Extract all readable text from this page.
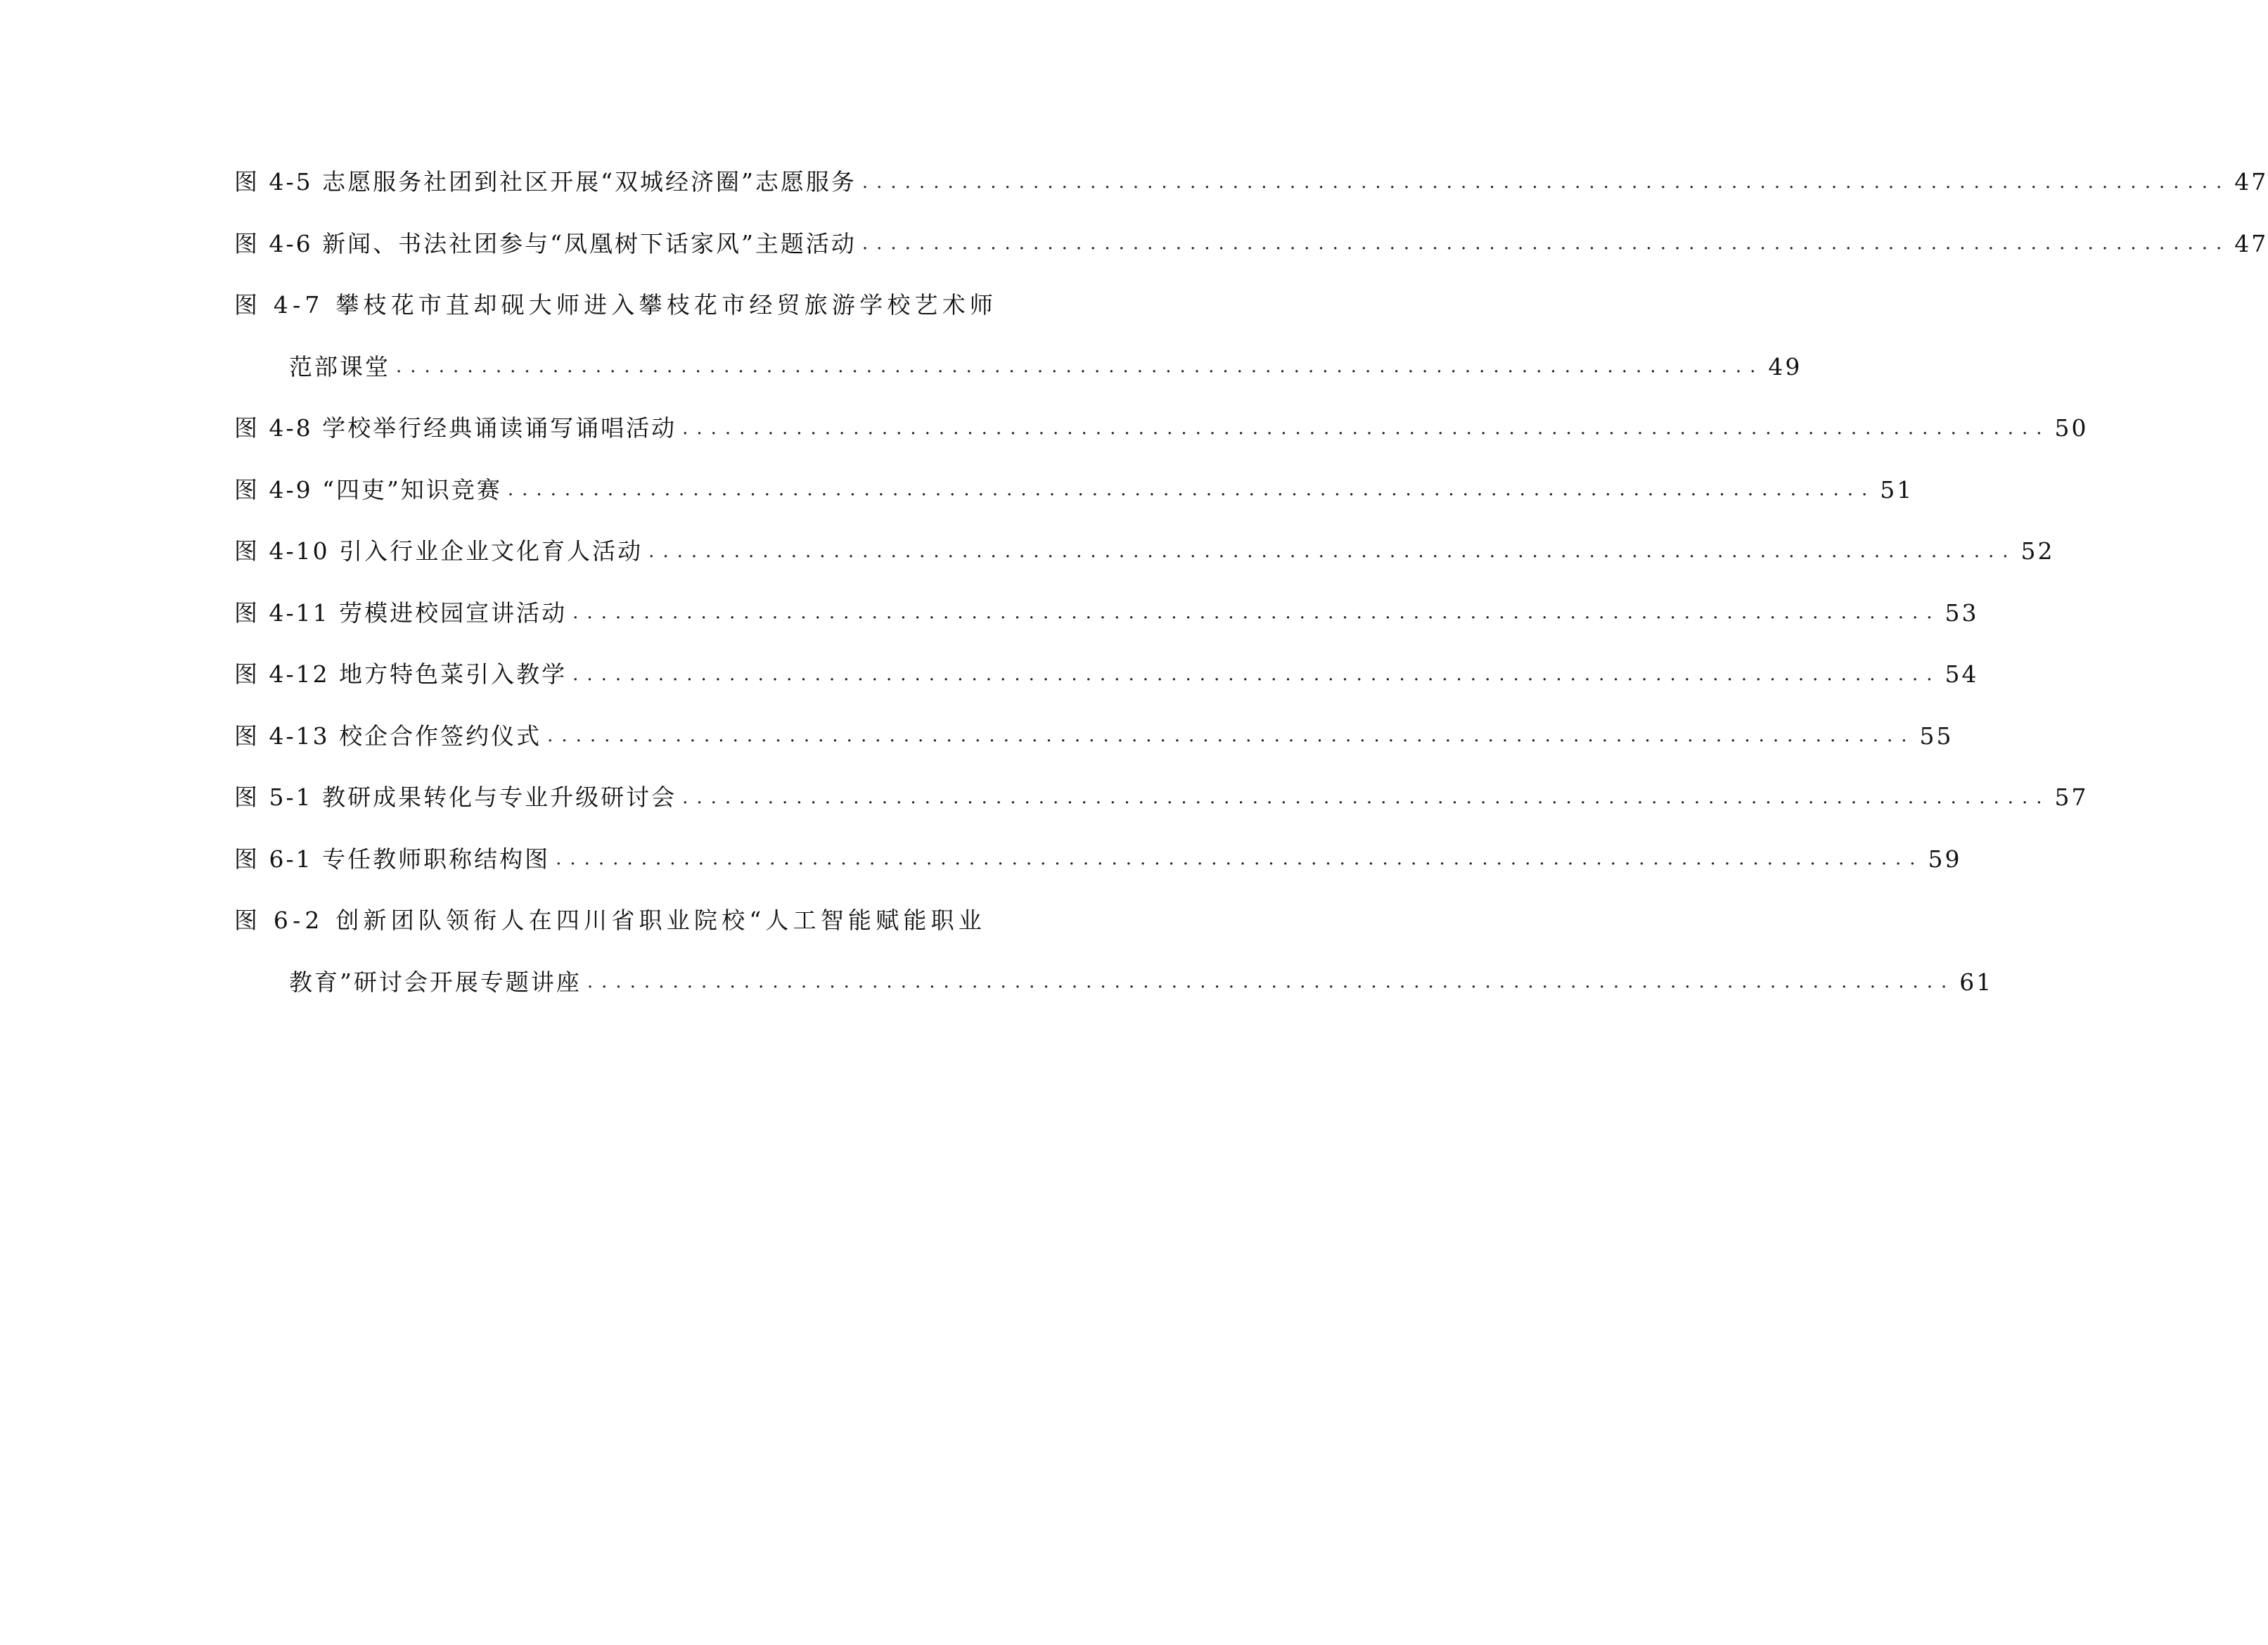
图 4-5 志愿服务社团到社区开展“双城经济圈”志愿服务 ................................................................................................ 47
图 4-6 新闻、书法社团参与“凤凰树下话家风”主题活动 ................................................................................................ 47
图 4-7 攀枝花市苴却砚大师进入攀枝花市经贸旅游学校艺术师
范部课堂 ................................................................................................ 49
图 4-8 学校举行经典诵读诵写诵唱活动 ................................................................................................ 50
图 4-9 “四吏”知识竞赛 ................................................................................................ 51
图 4-10 引入行业企业文化育人活动 ................................................................................................ 52
图 4-11 劳模进校园宣讲活动 ................................................................................................ 53
图 4-12 地方特色菜引入教学 ................................................................................................ 54
图 4-13 校企合作签约仪式 ................................................................................................ 55
图 5-1 教研成果转化与专业升级研讨会 ................................................................................................ 57
图 6-1 专任教师职称结构图 ................................................................................................ 59
图 6-2 创新团队领衔人在四川省职业院校“人工智能赋能职业
教育”研讨会开展专题讲座 ................................................................................................ 61
